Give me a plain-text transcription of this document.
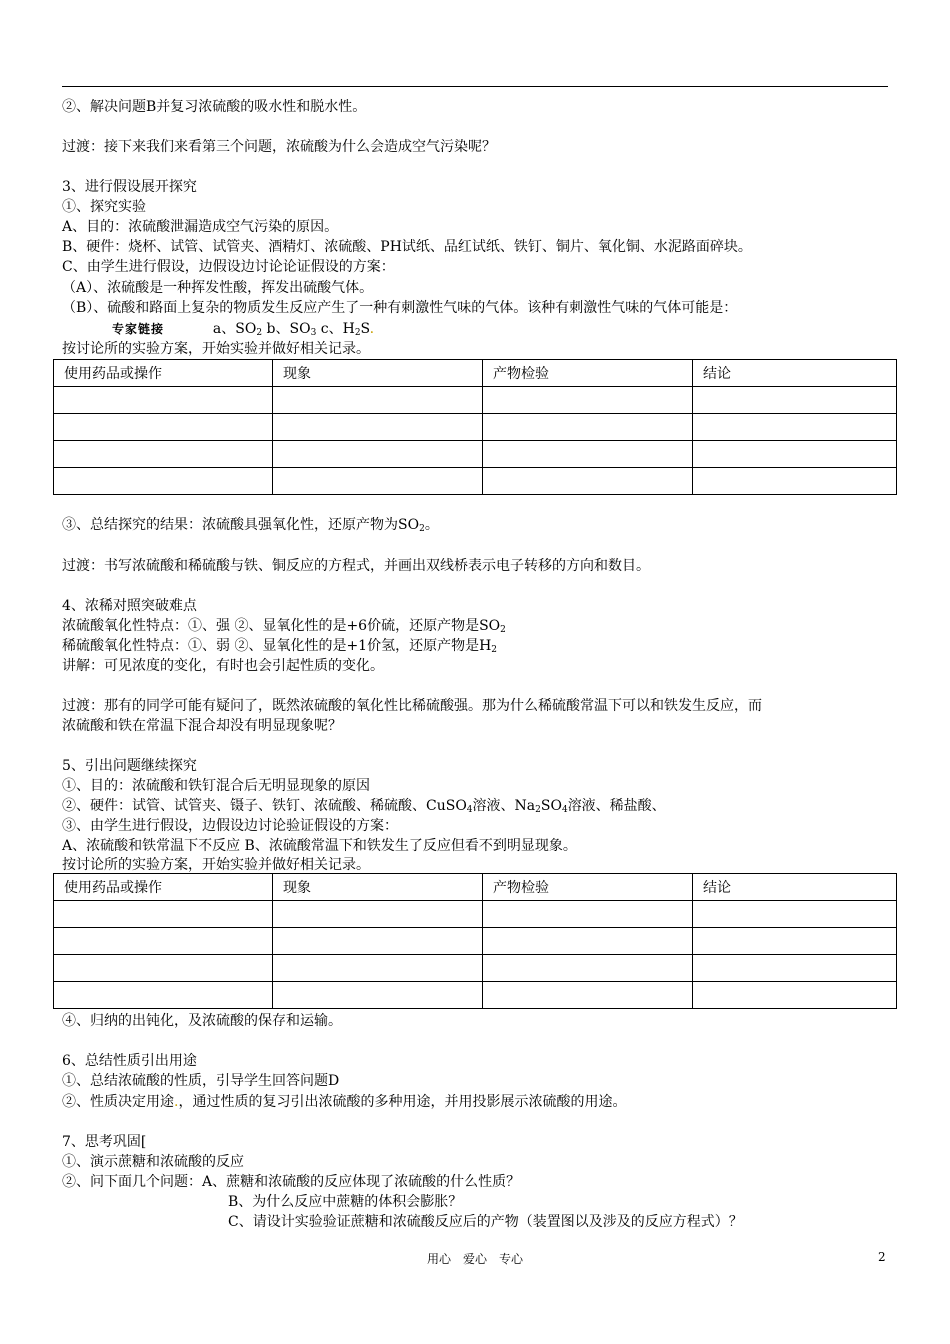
②、解决问题B并复习浓硫酸的吸水性和脱水性。
过渡：接下来我们来看第三个问题，浓硫酸为什么会造成空气污染呢？
3、进行假设展开探究
①、探究实验
A、目的：浓硫酸泄漏造成空气污染的原因。
B、硬件：烧杯、试管、试管夹、酒精灯、浓硫酸、PH试纸、品红试纸、铁钉、铜片、氧化铜、水泥路面碎块。
C、由学生进行假设，边假设边讨论论证假设的方案：
（A）、浓硫酸是一种挥发性酸，挥发出硫酸气体。
（B）、硫酸和路面上复杂的物质发生反应产生了一种有刺激性气味的气体。该种有刺激性气味的气体可能是：
专家链接	a、$SO_2$ b、$SO_3$ c、$H_2S$.
按讨论所的实验方案，开始实验并做好相关记录。
使用药品或操作	现象	产物检验	结论

③、总结探究的结果：浓硫酸具强氧化性，还原产物为$SO_2$。
过渡：书写浓硫酸和稀硫酸与铁、铜反应的方程式，并画出双线桥表示电子转移的方向和数目。
4、浓稀对照突破难点
浓硫酸氧化性特点：①、强 ②、显氧化性的是+6价硫，还原产物是$SO_2$
稀硫酸氧化性特点：①、弱 ②、显氧化性的是+1价氢，还原产物是$H_2$
讲解：可见浓度的变化，有时也会引起性质的变化。
过渡：那有的同学可能有疑问了，既然浓硫酸的氧化性比稀硫酸强。那为什么稀硫酸常温下可以和铁发生反应，而
浓硫酸和铁在常温下混合却没有明显现象呢？
5、引出问题继续探究
①、目的：浓硫酸和铁钉混合后无明显现象的原因
②、硬件：试管、试管夹、镊子、铁钉、浓硫酸、稀硫酸、CuSO$_4$溶液、$Na_2SO_4$溶液、稀盐酸、
③、由学生进行假设，边假设边讨论验证假设的方案：
A、浓硫酸和铁常温下不反应 B、浓硫酸常温下和铁发生了反应但看不到明显现象。
按讨论所的实验方案，开始实验并做好相关记录。
使用药品或操作	现象	产物检验	结论

④、归纳的出钝化，及浓硫酸的保存和运输。
6、总结性质引出用途
①、总结浓硫酸的性质，引导学生回答问题D
②、性质决定用途.，通过性质的复习引出浓硫酸的多种用途，并用投影展示浓硫酸的用途。
7、思考巩固[
①、演示蔗糖和浓硫酸的反应
②、问下面几个问题：A、蔗糖和浓硫酸的反应体现了浓硫酸的什么性质？
B、为什么反应中蔗糖的体积会膨胀？
C、请设计实验验证蔗糖和浓硫酸反应后的产物（装置图以及涉及的反应方程式）？
用心　爱心　专心	2
